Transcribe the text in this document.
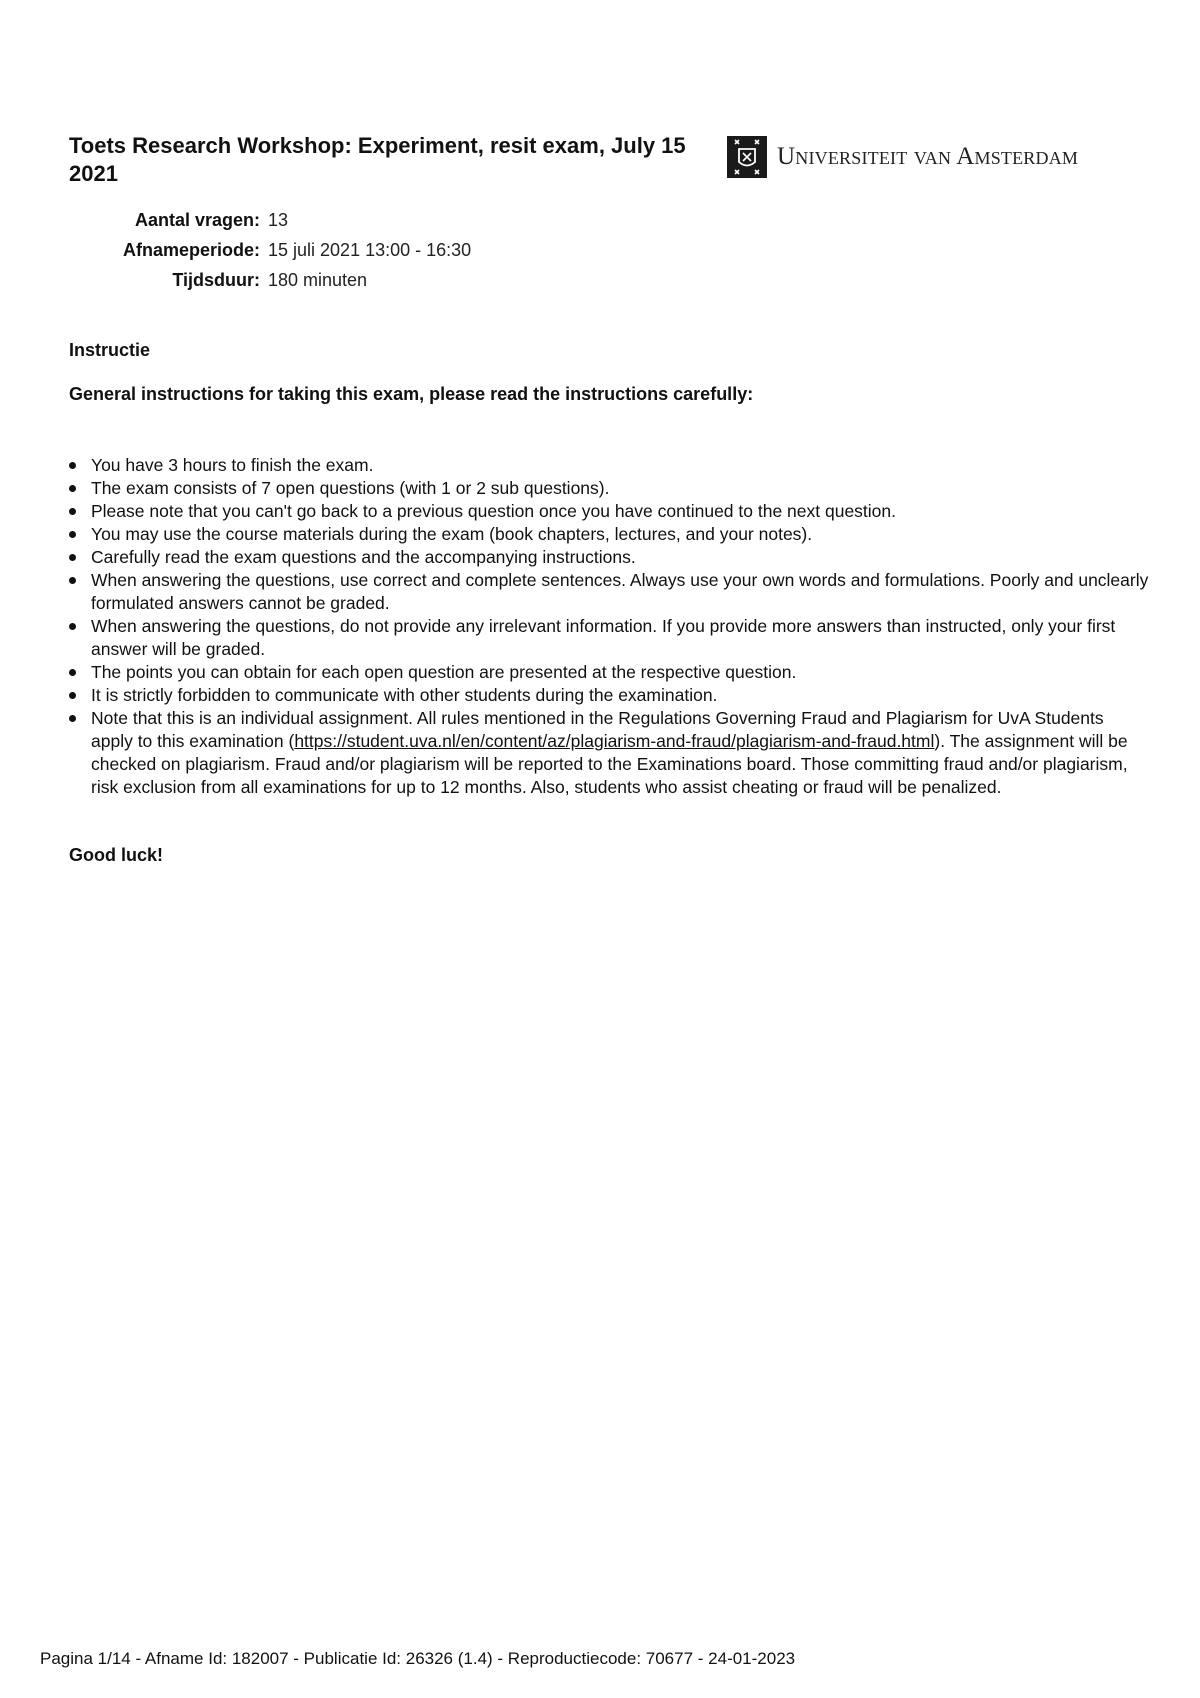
Toets Research Workshop: Experiment, resit exam, July 15 2021
Universiteit van Amsterdam
Aantal vragen: 13
Afnameperiode: 15 juli 2021 13:00 - 16:30
Tijdsduur: 180 minuten
Instructie
General instructions for taking this exam, please read the instructions carefully:
You have 3 hours to finish the exam.
The exam consists of 7 open questions (with 1 or 2 sub questions).
Please note that you can't go back to a previous question once you have continued to the next question.
You may use the course materials during the exam (book chapters, lectures, and your notes).
Carefully read the exam questions and the accompanying instructions.
When answering the questions, use correct and complete sentences. Always use your own words and formulations. Poorly and unclearly formulated answers cannot be graded.
When answering the questions, do not provide any irrelevant information. If you provide more answers than instructed, only your first answer will be graded.
The points you can obtain for each open question are presented at the respective question.
It is strictly forbidden to communicate with other students during the examination.
Note that this is an individual assignment. All rules mentioned in the Regulations Governing Fraud and Plagiarism for UvA Students apply to this examination (https://student.uva.nl/en/content/az/plagiarism-and-fraud/plagiarism-and-fraud.html). The assignment will be checked on plagiarism. Fraud and/or plagiarism will be reported to the Examinations board. Those committing fraud and/or plagiarism, risk exclusion from all examinations for up to 12 months. Also, students who assist cheating or fraud will be penalized.
Good luck!
Pagina 1/14 - Afname Id: 182007 - Publicatie Id: 26326 (1.4) - Reproductiecode: 70677 - 24-01-2023
